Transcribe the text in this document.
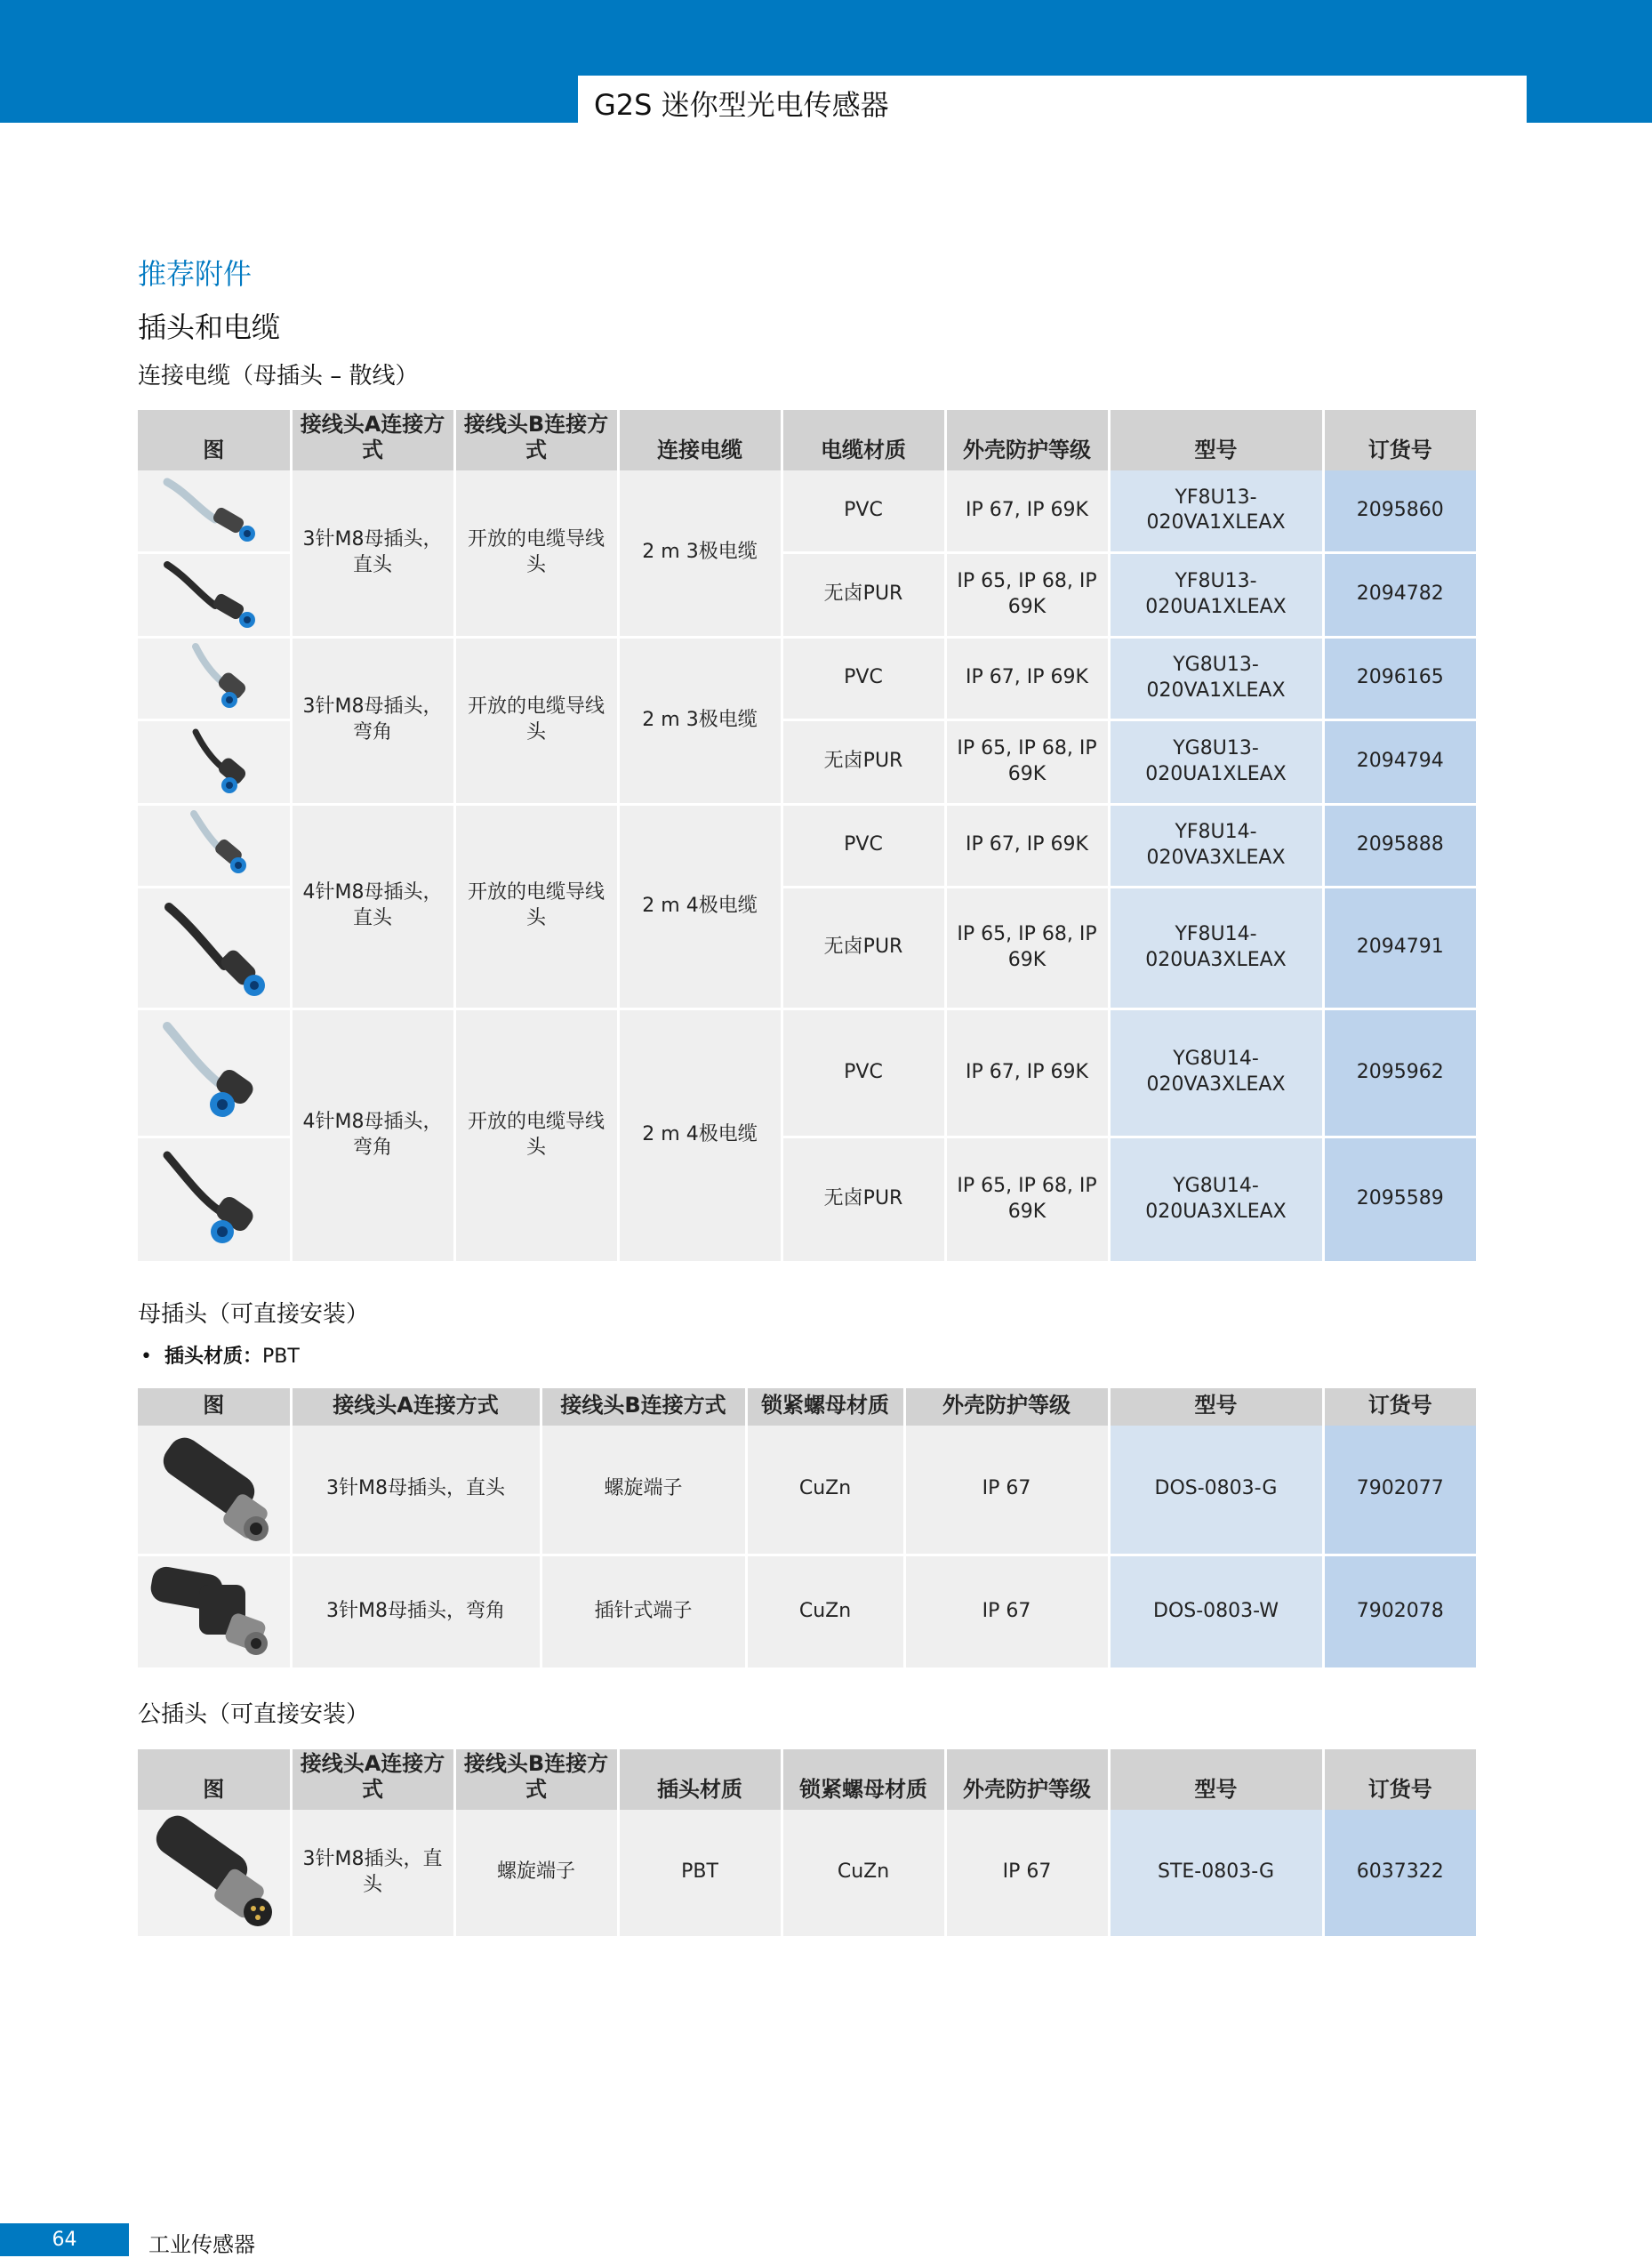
G2S 迷你型光电传感器
推荐附件
插头和电缆
连接电缆（母插头 – 散线）
图	接线头A连接方式	接线头B连接方式	连接电缆	电缆材质	外壳防护等级	型号	订货号

	3针M8母插头，直头	开放的电缆导线头	2 m 3极电缆	PVC	IP 67, IP 69K	YF8U13-020VA1XLEAX	2095860

	无卤PUR	IP 65, IP 68, IP 69K	YF8U13-020UA1XLEAX	2094782

	3针M8母插头，弯角	开放的电缆导线头	2 m 3极电缆	PVC	IP 67, IP 69K	YG8U13-020VA1XLEAX	2096165

	无卤PUR	IP 65, IP 68, IP 69K	YG8U13-020UA1XLEAX	2094794

	4针M8母插头，直头	开放的电缆导线头	2 m 4极电缆	PVC	IP 67, IP 69K	YF8U14-020VA3XLEAX	2095888

	无卤PUR	IP 65, IP 68, IP 69K	YF8U14-020UA3XLEAX	2094791

	4针M8母插头，弯角	开放的电缆导线头	2 m 4极电缆	PVC	IP 67, IP 69K	YG8U14-020VA3XLEAX	2095962

	无卤PUR	IP 65, IP 68, IP 69K	YG8U14-020UA3XLEAX	2095589
母插头（可直接安装）
•  插头材质：PBT
图	接线头A连接方式	接线头B连接方式	锁紧螺母材质	外壳防护等级	型号	订货号

	3针M8母插头，直头	螺旋端子	CuZn	IP 67	DOS-0803-G	7902077

	3针M8母插头，弯角	插针式端子	CuZn	IP 67	DOS-0803-W	7902078
公插头（可直接安装）
图	接线头A连接方式	接线头B连接方式	插头材质	锁紧螺母材质	外壳防护等级	型号	订货号

	3针M8插头，直头	螺旋端子	PBT	CuZn	IP 67	STE-0803-G	6037322
64	工业传感器
